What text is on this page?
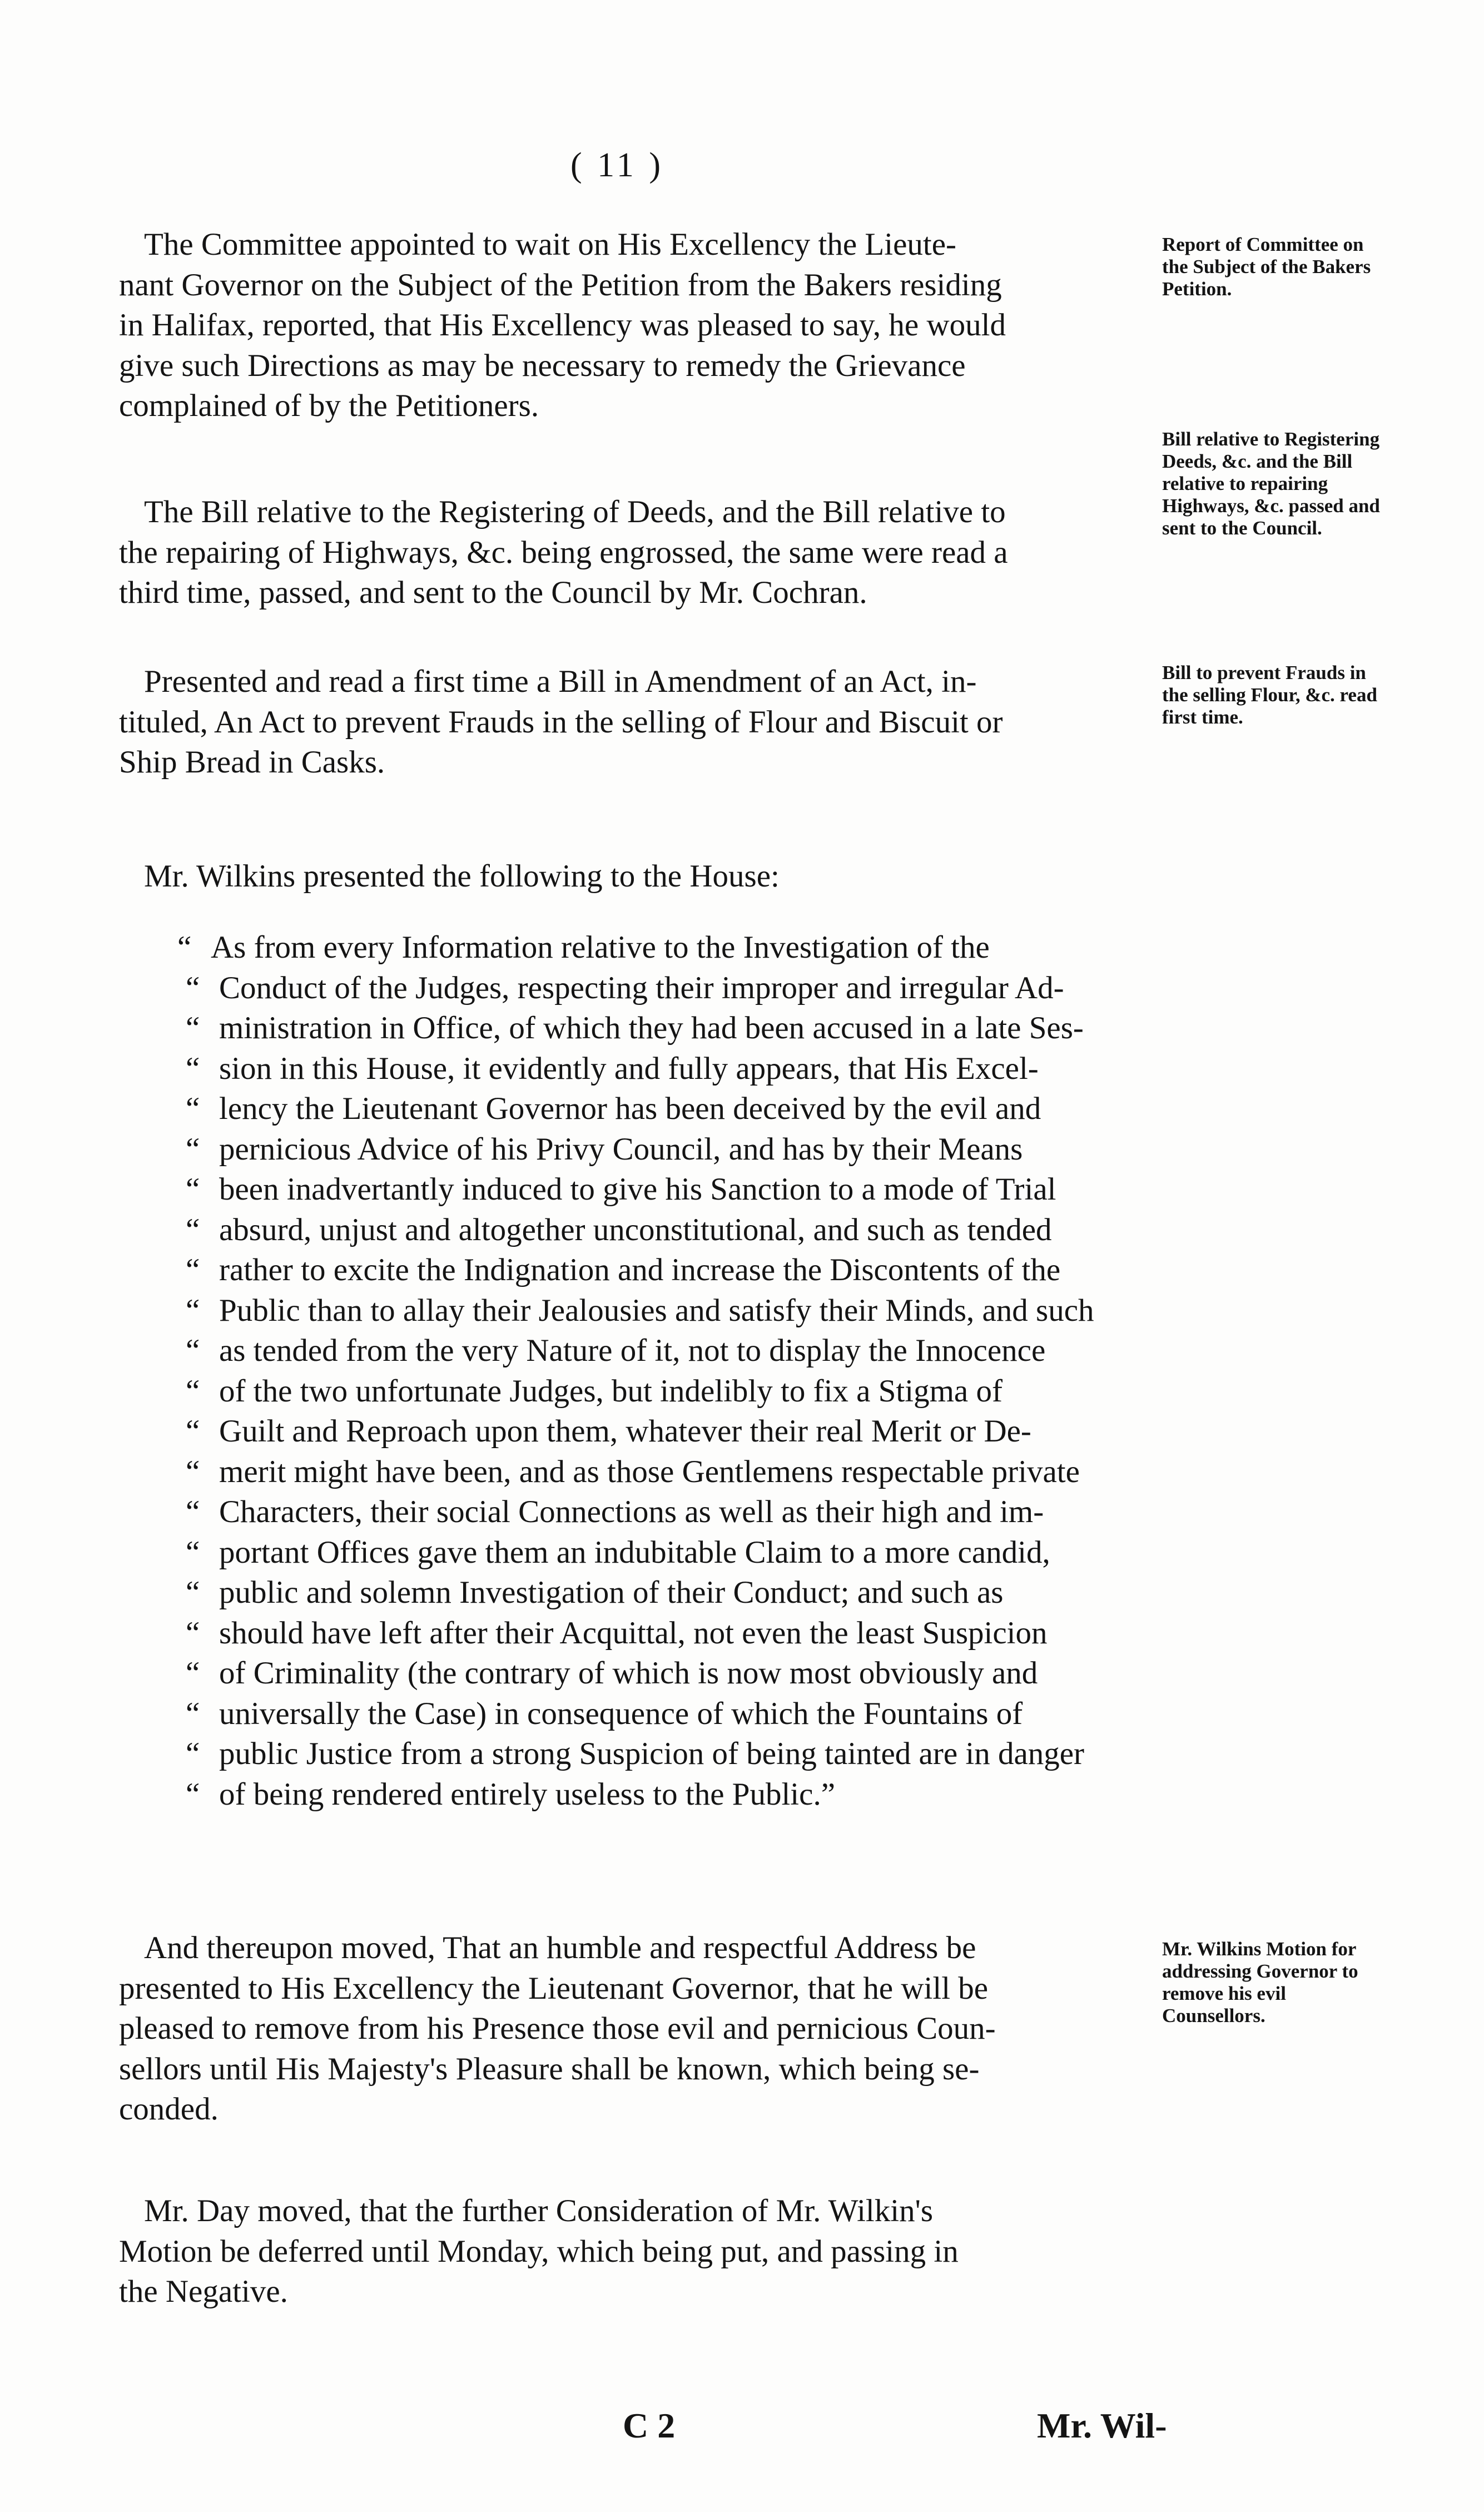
( 11 )
The Committee appointed to wait on His Excellency the Lieute-
nant Governor on the Subject of the Petition from the Bakers residing
in Halifax, reported, that His Excellency was pleased to say, he would
give such Directions as may be necessary to remedy the Grievance
complained of by the Petitioners.
The Bill relative to the Registering of Deeds, and the Bill relative to
the repairing of Highways, &c. being engrossed, the same were read a
third time, passed, and sent to the Council by Mr. Cochran.
Presented and read a first time a Bill in Amendment of an Act, in-
tituled, An Act to prevent Frauds in the selling of Flour and Biscuit or
Ship Bread in Casks.
Mr. Wilkins presented the following to the House:
“ As from every Information relative to the Investigation of the
“ Conduct of the Judges, respecting their improper and irregular Ad-
“ ministration in Office, of which they had been accused in a late Ses-
“ sion in this House, it evidently and fully appears, that His Excel-
“ lency the Lieutenant Governor has been deceived by the evil and
“ pernicious Advice of his Privy Council, and has by their Means
“ been inadvertantly induced to give his Sanction to a mode of Trial
“ absurd, unjust and altogether unconstitutional, and such as tended
“ rather to excite the Indignation and increase the Discontents of the
“ Public than to allay their Jealousies and satisfy their Minds, and such
“ as tended from the very Nature of it, not to display the Innocence
“ of the two unfortunate Judges, but indelibly to fix a Stigma of
“ Guilt and Reproach upon them, whatever their real Merit or De-
“ merit might have been, and as those Gentlemens respectable private
“ Characters, their social Connections as well as their high and im-
“ portant Offices gave them an indubitable Claim to a more candid,
“ public and solemn Investigation of their Conduct; and such as
“ should have left after their Acquittal, not even the least Suspicion
“ of Criminality (the contrary of which is now most obviously and
“ universally the Case) in consequence of which the Fountains of
“ public Justice from a strong Suspicion of being tainted are in danger
“ of being rendered entirely useless to the Public.”
And thereupon moved, That an humble and respectful Address be
presented to His Excellency the Lieutenant Governor, that he will be
pleased to remove from his Presence those evil and pernicious Coun-
sellors until His Majesty's Pleasure shall be known, which being se-
conded.
Mr. Day moved, that the further Consideration of Mr. Wilkin's
Motion be deferred until Monday, which being put, and passing in
the Negative.
Report of Committee on the Subject of the Bakers Petition.
Bill relative to Registering Deeds, &c. and the Bill relative to repairing Highways, &c. passed and sent to the Council.
Bill to prevent Frauds in the selling Flour, &c. read first time.
Mr. Wilkins Motion for addressing Governor to remove his evil Counsellors.
C 2	Mr. Wil-
